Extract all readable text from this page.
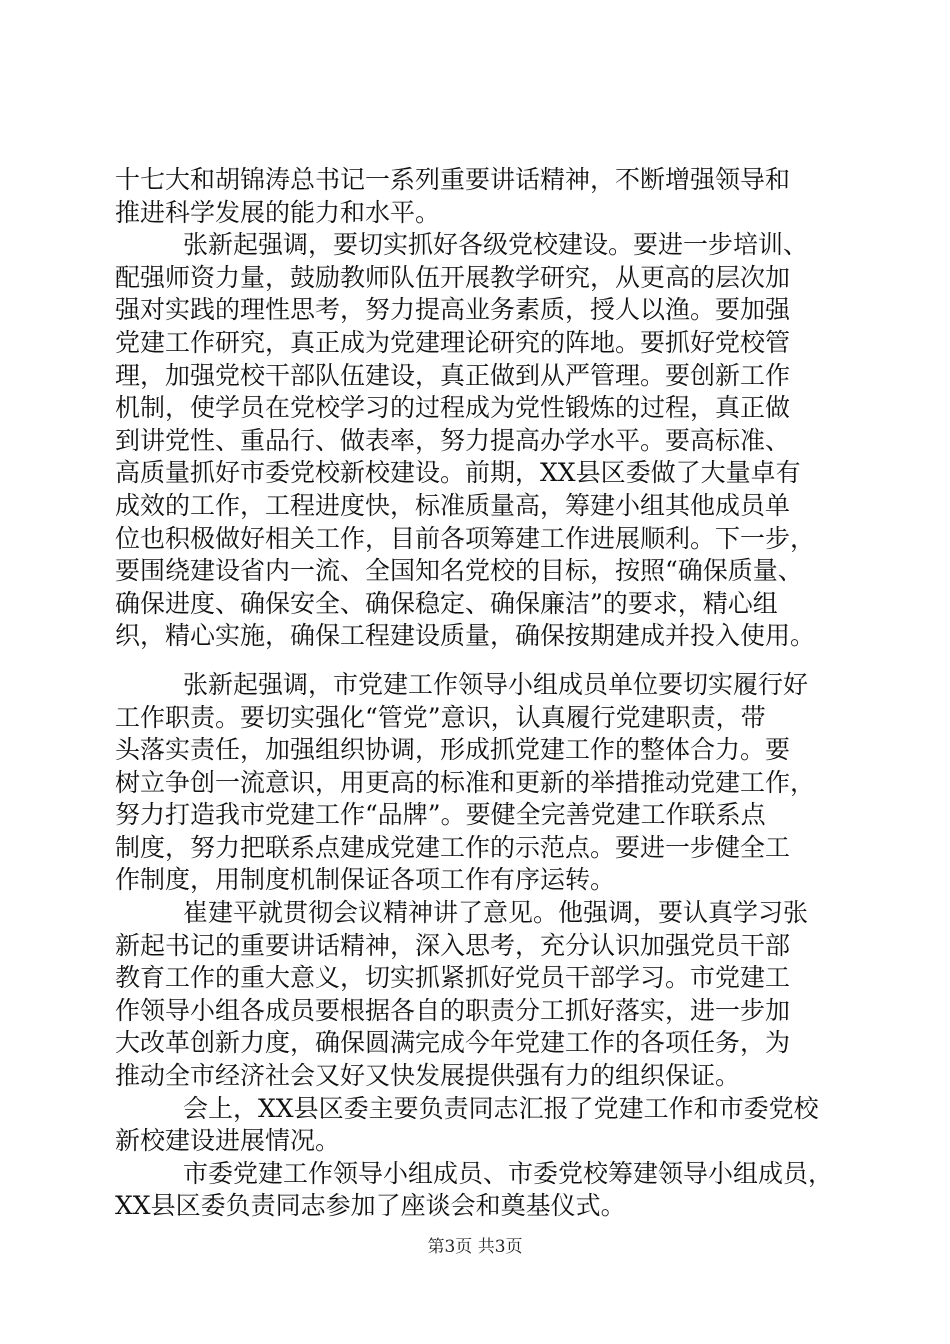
十七大和胡锦涛总书记一系列重要讲话精神，不断增强领导和
推进科学发展的能力和水平。
张新起强调，要切实抓好各级党校建设。要进一步培训、
配强师资力量，鼓励教师队伍开展教学研究，从更高的层次加
强对实践的理性思考，努力提高业务素质，授人以渔。要加强
党建工作研究，真正成为党建理论研究的阵地。要抓好党校管
理，加强党校干部队伍建设，真正做到从严管理。要创新工作
机制，使学员在党校学习的过程成为党性锻炼的过程，真正做
到讲党性、重品行、做表率，努力提高办学水平。要高标准、
高质量抓好市委党校新校建设。前期，XX县区委做了大量卓有
成效的工作，工程进度快，标准质量高，筹建小组其他成员单
位也积极做好相关工作，目前各项筹建工作进展顺利。下一步，
要围绕建设省内一流、全国知名党校的目标，按照“确保质量、
确保进度、确保安全、确保稳定、确保廉洁”的要求，精心组
织，精心实施，确保工程建设质量，确保按期建成并投入使用。
张新起强调，市党建工作领导小组成员单位要切实履行好
工作职责。要切实强化“管党”意识，认真履行党建职责，带
头落实责任，加强组织协调，形成抓党建工作的整体合力。要
树立争创一流意识，用更高的标准和更新的举措推动党建工作，
努力打造我市党建工作“品牌”。要健全完善党建工作联系点
制度，努力把联系点建成党建工作的示范点。要进一步健全工
作制度，用制度机制保证各项工作有序运转。
崔建平就贯彻会议精神讲了意见。他强调，要认真学习张
新起书记的重要讲话精神，深入思考，充分认识加强党员干部
教育工作的重大意义，切实抓紧抓好党员干部学习。市党建工
作领导小组各成员要根据各自的职责分工抓好落实，进一步加
大改革创新力度，确保圆满完成今年党建工作的各项任务，为
推动全市经济社会又好又快发展提供强有力的组织保证。
会上，XX县区委主要负责同志汇报了党建工作和市委党校
新校建设进展情况。
市委党建工作领导小组成员、市委党校筹建领导小组成员，
XX县区委负责同志参加了座谈会和奠基仪式。
第3页 共3页
